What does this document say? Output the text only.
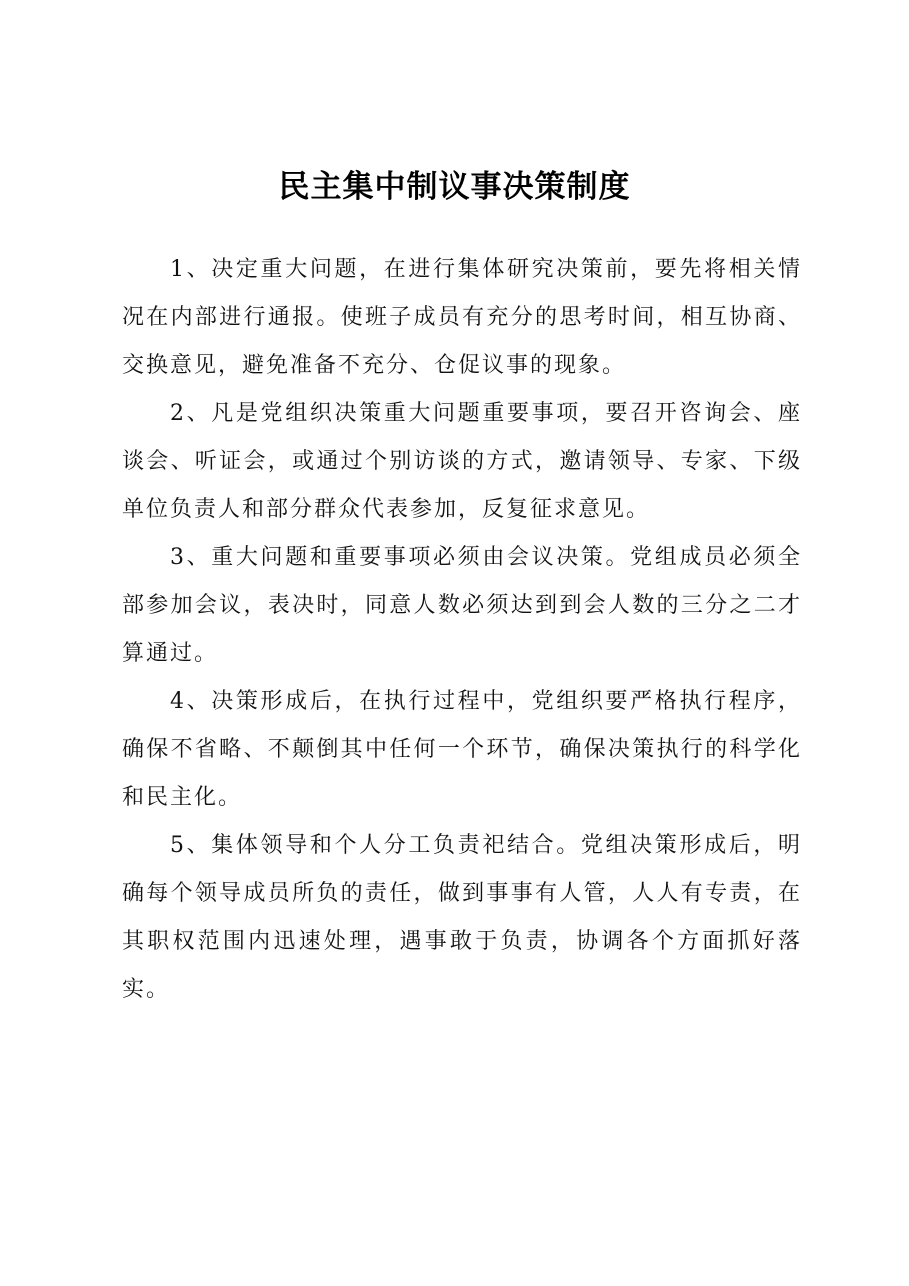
民主集中制议事决策制度

1、决定重大问题，在进行集体研究决策前，要先将相关情况在内部进行通报。使班子成员有充分的思考时间，相互协商、交换意见，避免准备不充分、仓促议事的现象。

2、凡是党组织决策重大问题重要事项，要召开咨询会、座谈会、听证会，或通过个别访谈的方式，邀请领导、专家、下级单位负责人和部分群众代表参加，反复征求意见。

3、重大问题和重要事项必须由会议决策。党组成员必须全部参加会议，表决时，同意人数必须达到到会人数的三分之二才算通过。

4、决策形成后，在执行过程中，党组织要严格执行程序，确保不省略、不颠倒其中任何一个环节，确保决策执行的科学化和民主化。

5、集体领导和个人分工负责祀结合。党组决策形成后，明确每个领导成员所负的责任，做到事事有人管，人人有专责，在其职权范围内迅速处理，遇事敢于负责，协调各个方面抓好落实。
